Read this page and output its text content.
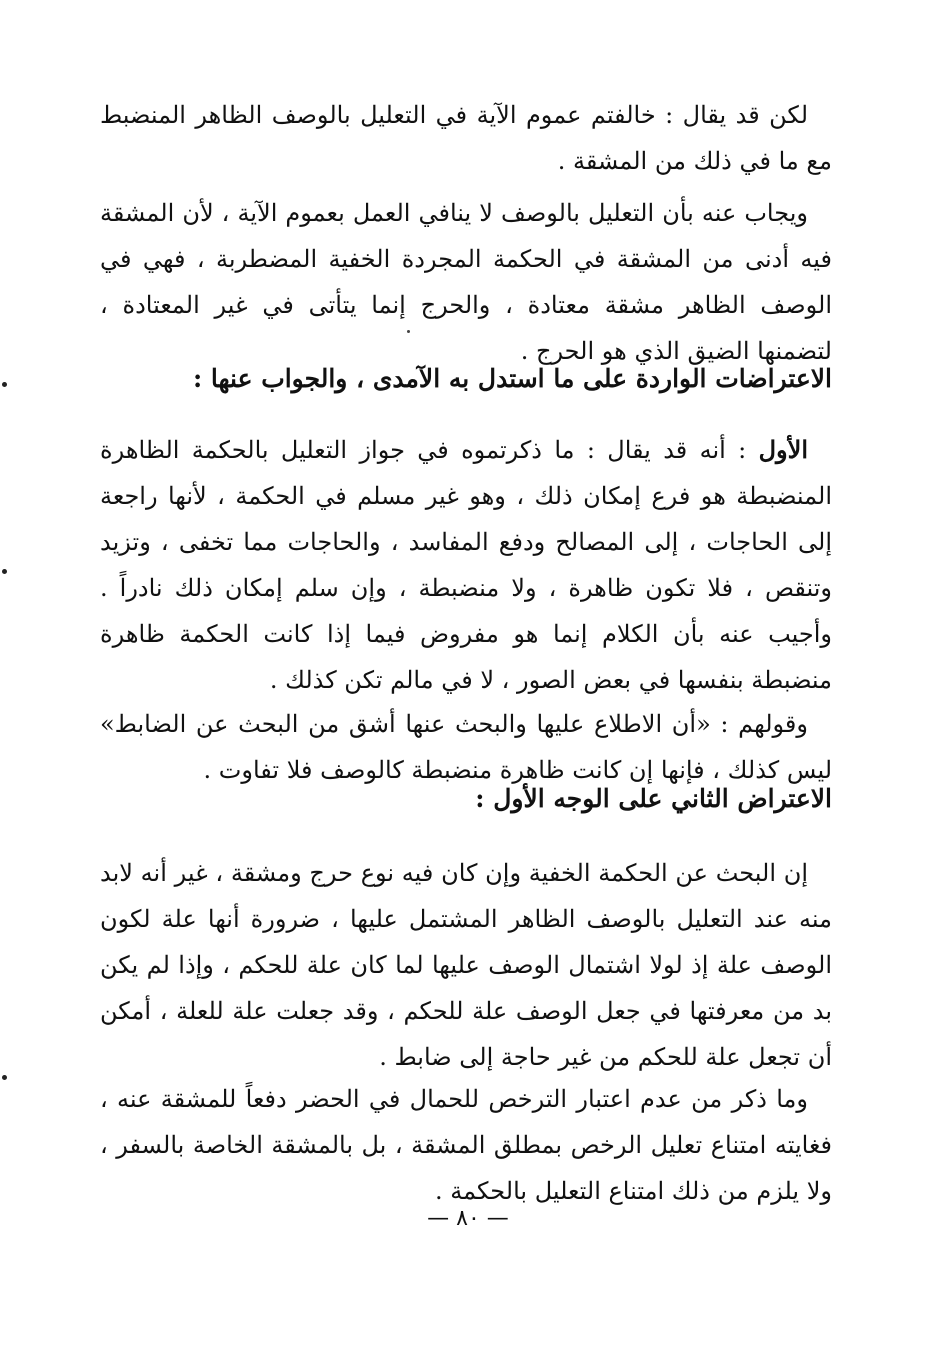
لكن قد يقال : خالفتم عموم الآية في التعليل بالوصف الظاهر المنضبط مع ما في ذلك من المشقة .

ويجاب عنه بأن التعليل بالوصف لا ينافي العمل بعموم الآية ، لأن المشقة فيه أدنى من المشقة في الحكمة المجردة الخفية المضطربة ، فهي في الوصف الظاهر مشقة معتادة ، والحرج إنما يتأتى في غير المعتادة ، لتضمنها الضيق الذي هو الحرج .

الاعتراضات الواردة على ما استدل به الآمدى ، والجواب عنها :

الأول : أنه قد يقال : ما ذكرتموه في جواز التعليل بالحكمة الظاهرة المنضبطة هو فرع إمكان ذلك ، وهو غير مسلم في الحكمة ، لأنها راجعة إلى الحاجات ، إلى المصالح ودفع المفاسد ، والحاجات مما تخفى ، وتزيد وتنقص ، فلا تكون ظاهرة ، ولا منضبطة ، وإن سلم إمكان ذلك نادراً . وأجيب عنه بأن الكلام إنما هو مفروض فيما إذا كانت الحكمة ظاهرة منضبطة بنفسها في بعض الصور ، لا في مالم تكن كذلك .

وقولهم : «أن الاطلاع عليها والبحث عنها أشق من البحث عن الضابط» ليس كذلك ، فإنها إن كانت ظاهرة منضبطة كالوصف فلا تفاوت .

الاعتراض الثاني على الوجه الأول :

إن البحث عن الحكمة الخفية وإن كان فيه نوع حرج ومشقة ، غير أنه لابد منه عند التعليل بالوصف الظاهر المشتمل عليها ، ضرورة أنها علة لكون الوصف علة إذ لولا اشتمال الوصف عليها لما كان علة للحكم ، وإذا لم يكن بد من معرفتها في جعل الوصف علة للحكم ، وقد جعلت علة للعلة ، أمكن أن تجعل علة للحكم من غير حاجة إلى ضابط .

وما ذكر من عدم اعتبار الترخص للحمال في الحضر دفعاً للمشقة عنه ، فغايته امتناع تعليل الرخص بمطلق المشقة ، بل بالمشقة الخاصة بالسفر ، ولا يلزم من ذلك امتناع التعليل بالحكمة .

— ٨٠ —
